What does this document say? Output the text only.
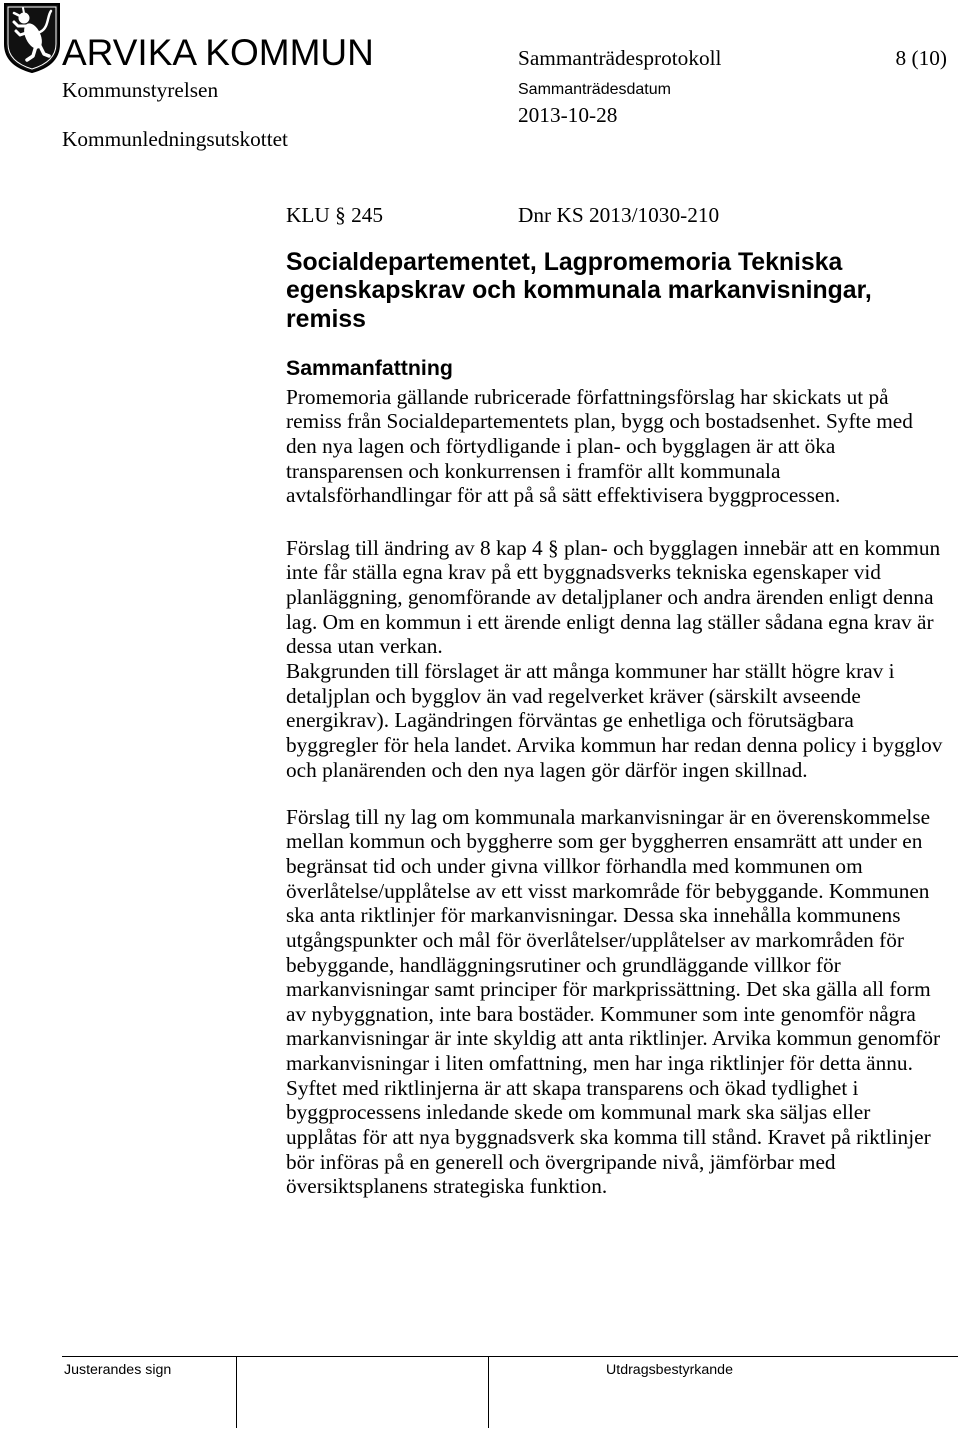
ARVIKA KOMMUN	Sammanträdesprotokoll	8 (10)
Kommunstyrelsen	Sammanträdesdatum
2013-10-28
Kommunledningsutskottet
KLU § 245	Dnr KS 2013/1030-210
Socialdepartementet, Lagpromemoria Tekniska
egenskapskrav och kommunala markanvisningar,
remiss
Sammanfattning
Promemoria gällande rubricerade författningsförslag har skickats ut på
remiss från Socialdepartementets plan, bygg och bostadsenhet. Syfte med
den nya lagen och förtydligande i plan- och bygglagen är att öka
transparensen och konkurrensen i framför allt kommunala
avtalsförhandlingar för att på så sätt effektivisera byggprocessen.
Förslag till ändring av 8 kap 4 § plan- och bygglagen innebär att en kommun
inte får ställa egna krav på ett byggnadsverks tekniska egenskaper vid
planläggning, genomförande av detaljplaner och andra ärenden enligt denna
lag. Om en kommun i ett ärende enligt denna lag ställer sådana egna krav är
dessa utan verkan.
Bakgrunden till förslaget är att många kommuner har ställt högre krav i
detaljplan och bygglov än vad regelverket kräver (särskilt avseende
energikrav). Lagändringen förväntas ge enhetliga och förutsägbara
byggregler för hela landet. Arvika kommun har redan denna policy i bygglov
och planärenden och den nya lagen gör därför ingen skillnad.
Förslag till ny lag om kommunala markanvisningar är en överenskommelse
mellan kommun och byggherre som ger byggherren ensamrätt att under en
begränsat tid och under givna villkor förhandla med kommunen om
överlåtelse/upplåtelse av ett visst markområde för bebyggande. Kommunen
ska anta riktlinjer för markanvisningar. Dessa ska innehålla kommunens
utgångspunkter och mål för överlåtelser/upplåtelser av markområden för
bebyggande, handläggningsrutiner och grundläggande villkor för
markanvisningar samt principer för markprissättning. Det ska gälla all form
av nybyggnation, inte bara bostäder. Kommuner som inte genomför några
markanvisningar är inte skyldig att anta riktlinjer. Arvika kommun genomför
markanvisningar i liten omfattning, men har inga riktlinjer för detta ännu.
Syftet med riktlinjerna är att skapa transparens och ökad tydlighet i
byggprocessens inledande skede om kommunal mark ska säljas eller
upplåtas för att nya byggnadsverk ska komma till stånd. Kravet på riktlinjer
bör införas på en generell och övergripande nivå, jämförbar med
översiktsplanens strategiska funktion.
Justerandes sign	Utdragsbestyrkande
